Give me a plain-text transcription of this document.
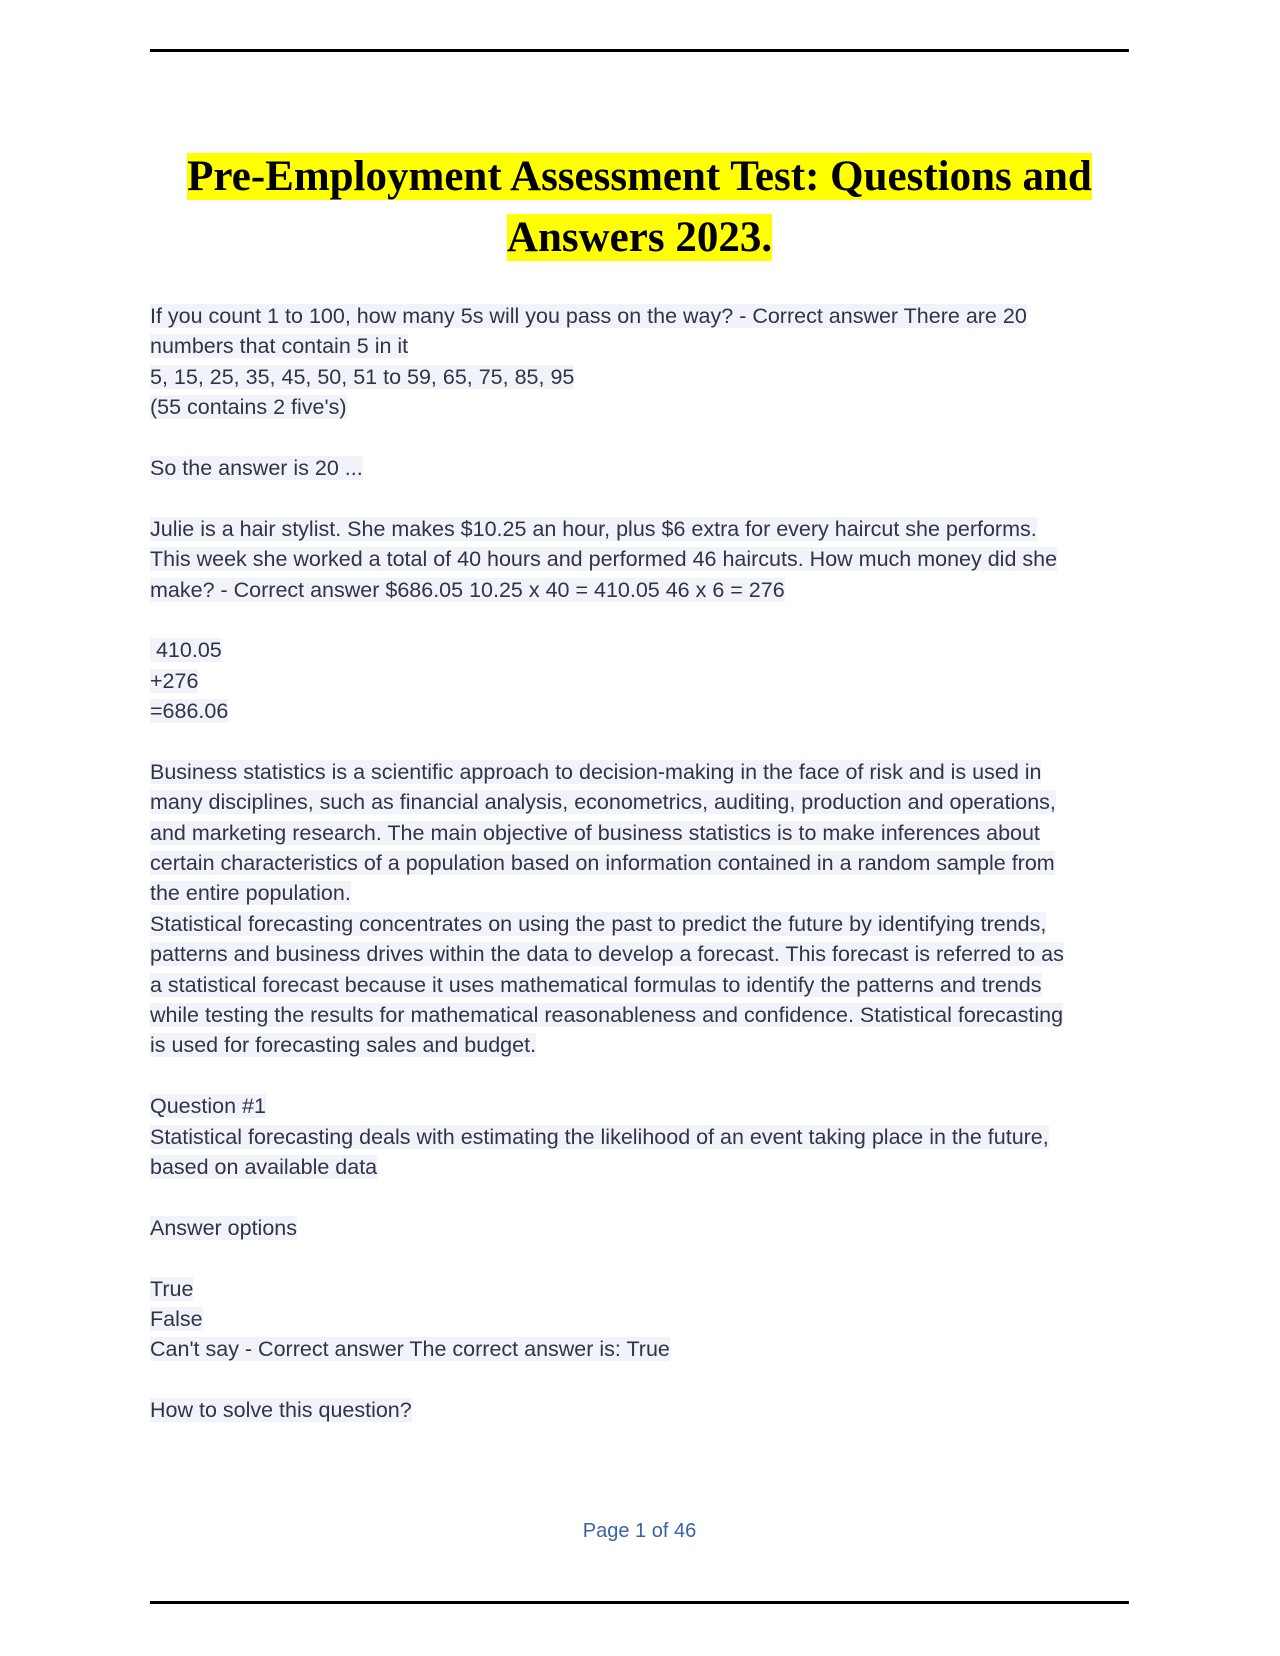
Pre-Employment Assessment Test: Questions and
Answers 2023.
If you count 1 to 100, how many 5s will you pass on the way? - Correct answer There are 20
numbers that contain 5 in it
5, 15, 25, 35, 45, 50, 51 to 59, 65, 75, 85, 95
(55 contains 2 five's)
So the answer is 20 ...
Julie is a hair stylist. She makes $10.25 an hour, plus $6 extra for every haircut she performs.
This week she worked a total of 40 hours and performed 46 haircuts. How much money did she
make? - Correct answer $686.05 10.25 x 40 = 410.05 46 x 6 = 276
410.05
+276
=686.06
Business statistics is a scientific approach to decision-making in the face of risk and is used in
many disciplines, such as financial analysis, econometrics, auditing, production and operations,
and marketing research. The main objective of business statistics is to make inferences about
certain characteristics of a population based on information contained in a random sample from
the entire population.
Statistical forecasting concentrates on using the past to predict the future by identifying trends,
patterns and business drives within the data to develop a forecast. This forecast is referred to as
a statistical forecast because it uses mathematical formulas to identify the patterns and trends
while testing the results for mathematical reasonableness and confidence. Statistical forecasting
is used for forecasting sales and budget.
Question #1
Statistical forecasting deals with estimating the likelihood of an event taking place in the future,
based on available data
Answer options
True
False
Can't say - Correct answer The correct answer is: True
How to solve this question?
Page 1 of 46
